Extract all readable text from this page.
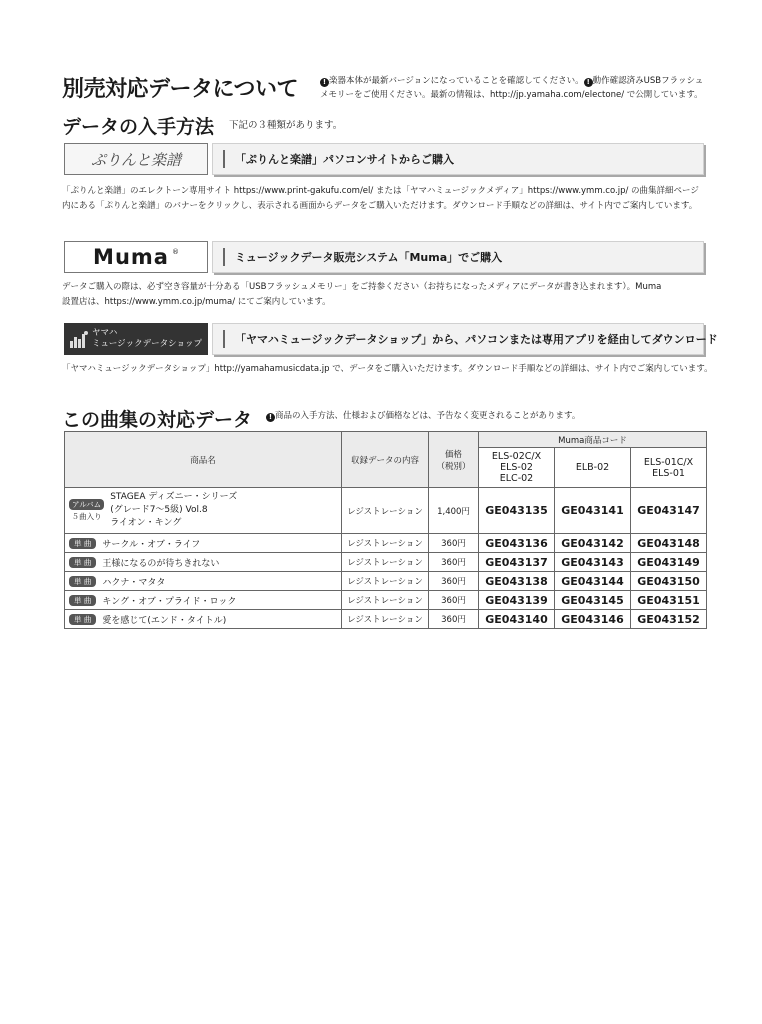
別売対応データについて	! 楽器本体が最新バージョンになっていることを確認してください。 ! 動作確認済みUSBフラッシュ
メモリーをご使用ください。最新の情報は、http://jp.yamaha.com/electone/ で公開しています。
データの入手方法 下記の３種類があります。
ぷりんと楽譜	「ぷりんと楽譜」パソコンサイトからご購入
「ぷりんと楽譜」のエレクトーン専用サイト https://www.print-gakufu.com/el/ または「ヤマハミュージックメディア」https://www.ymm.co.jp/ の曲集詳細ページ
内にある「ぷりんと楽譜」のバナーをクリックし、表示される画面からデータをご購入いただけます。ダウンロード手順などの詳細は、サイト内でご案内しています。
Muma ®	ミュージックデータ販売システム「Muma」でご購入
データご購入の際は、必ず空き容量が十分ある「USBフラッシュメモリー」をご持参ください（お持ちになったメディアにデータが書き込まれます）。Muma
設置店は、https://www.ymm.co.jp/muma/ にてご案内しています。
ヤマハ
ミュージックデータショップ	「ヤマハミュージックデータショップ」から、パソコンまたは専用アプリを経由してダウンロード
「ヤマハミュージックデータショップ」http://yamahamusicdata.jp で、データをご購入いただけます。ダウンロード手順などの詳細は、サイト内でご案内しています。
この曲集の対応データ	! 商品の入手方法、仕様および価格などは、予告なく変更されることがあります。
商品名	収録データの内容	価格
（税別）	Muma商品コード		
			ELS-02C/X
ELS-02
ELC-02	ELB-02	ELS-01C/X
ELS-01

アルバム
５曲入り
STAGEA ディズニー・シリーズ
(グレード7〜5級) Vol.8
ライオン・キング	レジストレーション	1,400円	GE043135	GE043141	GE043147
単 曲 サークル・オブ・ライフ	レジストレーション	360円	GE043136	GE043142	GE043148
単 曲 王様になるのが待ちきれない	レジストレーション	360円	GE043137	GE043143	GE043149
単 曲 ハクナ・マタタ	レジストレーション	360円	GE043138	GE043144	GE043150
単 曲 キング・オブ・プライド・ロック	レジストレーション	360円	GE043139	GE043145	GE043151
単 曲 愛を感じて(エンド・タイトル)	レジストレーション	360円	GE043140	GE043146	GE043152
